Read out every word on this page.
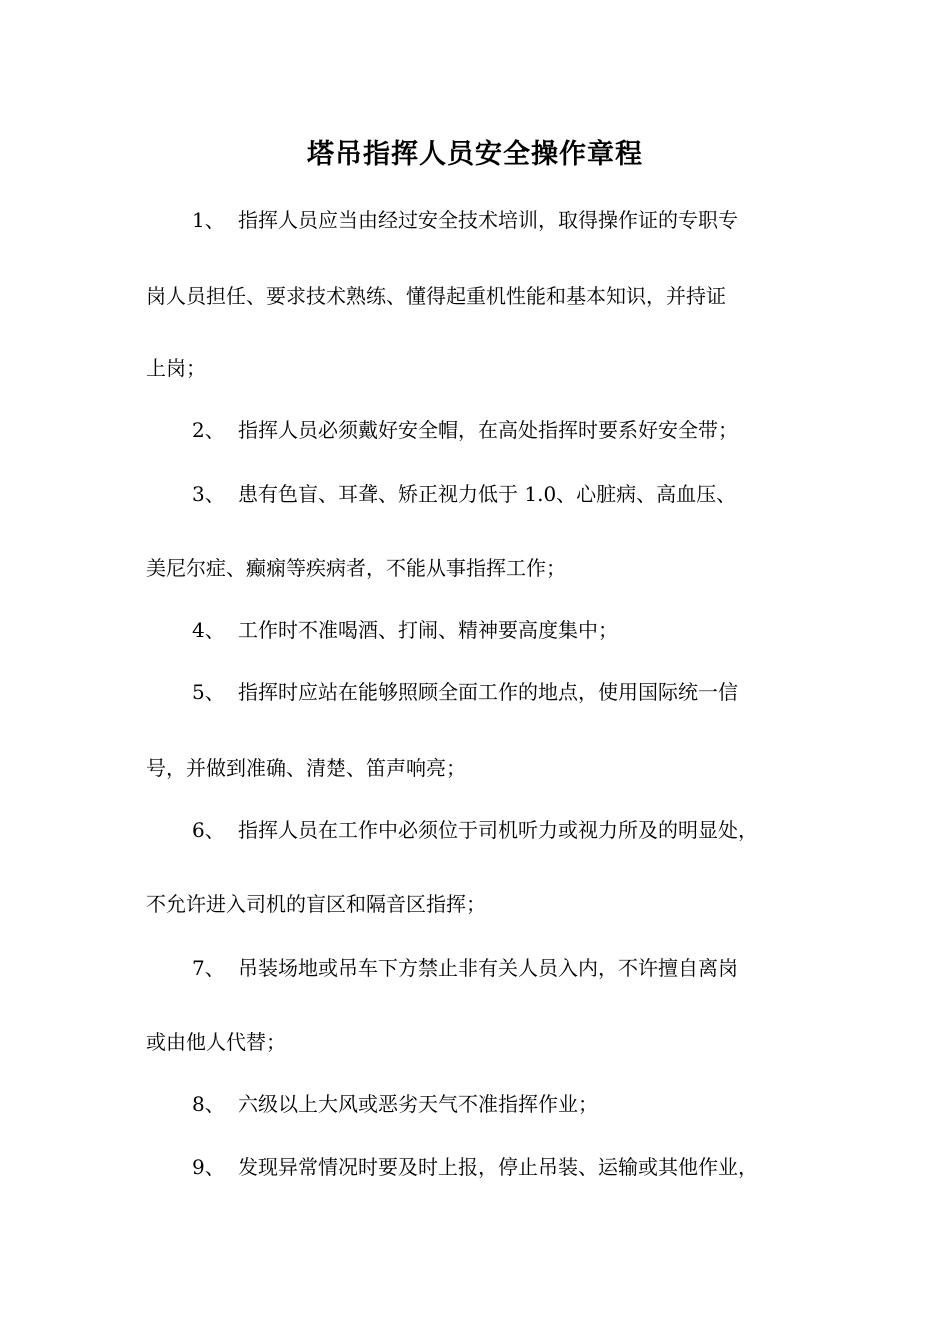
塔吊指挥人员安全操作章程
1、 指挥人员应当由经过安全技术培训，取得操作证的专职专
岗人员担任、要求技术熟练、懂得起重机性能和基本知识，并持证
上岗；
2、 指挥人员必须戴好安全帽，在高处指挥时要系好安全带；
3、 患有色盲、耳聋、矫正视力低于 1.0、心脏病、高血压、
美尼尔症、癫痫等疾病者，不能从事指挥工作；
4、 工作时不准喝酒、打闹、精神要高度集中；
5、 指挥时应站在能够照顾全面工作的地点，使用国际统一信
号，并做到准确、清楚、笛声响亮；
6、 指挥人员在工作中必须位于司机听力或视力所及的明显处，
不允许进入司机的盲区和隔音区指挥；
7、 吊装场地或吊车下方禁止非有关人员入内，不许擅自离岗
或由他人代替；
8、 六级以上大风或恶劣天气不准指挥作业；
9、 发现异常情况时要及时上报，停止吊装、运输或其他作业，
